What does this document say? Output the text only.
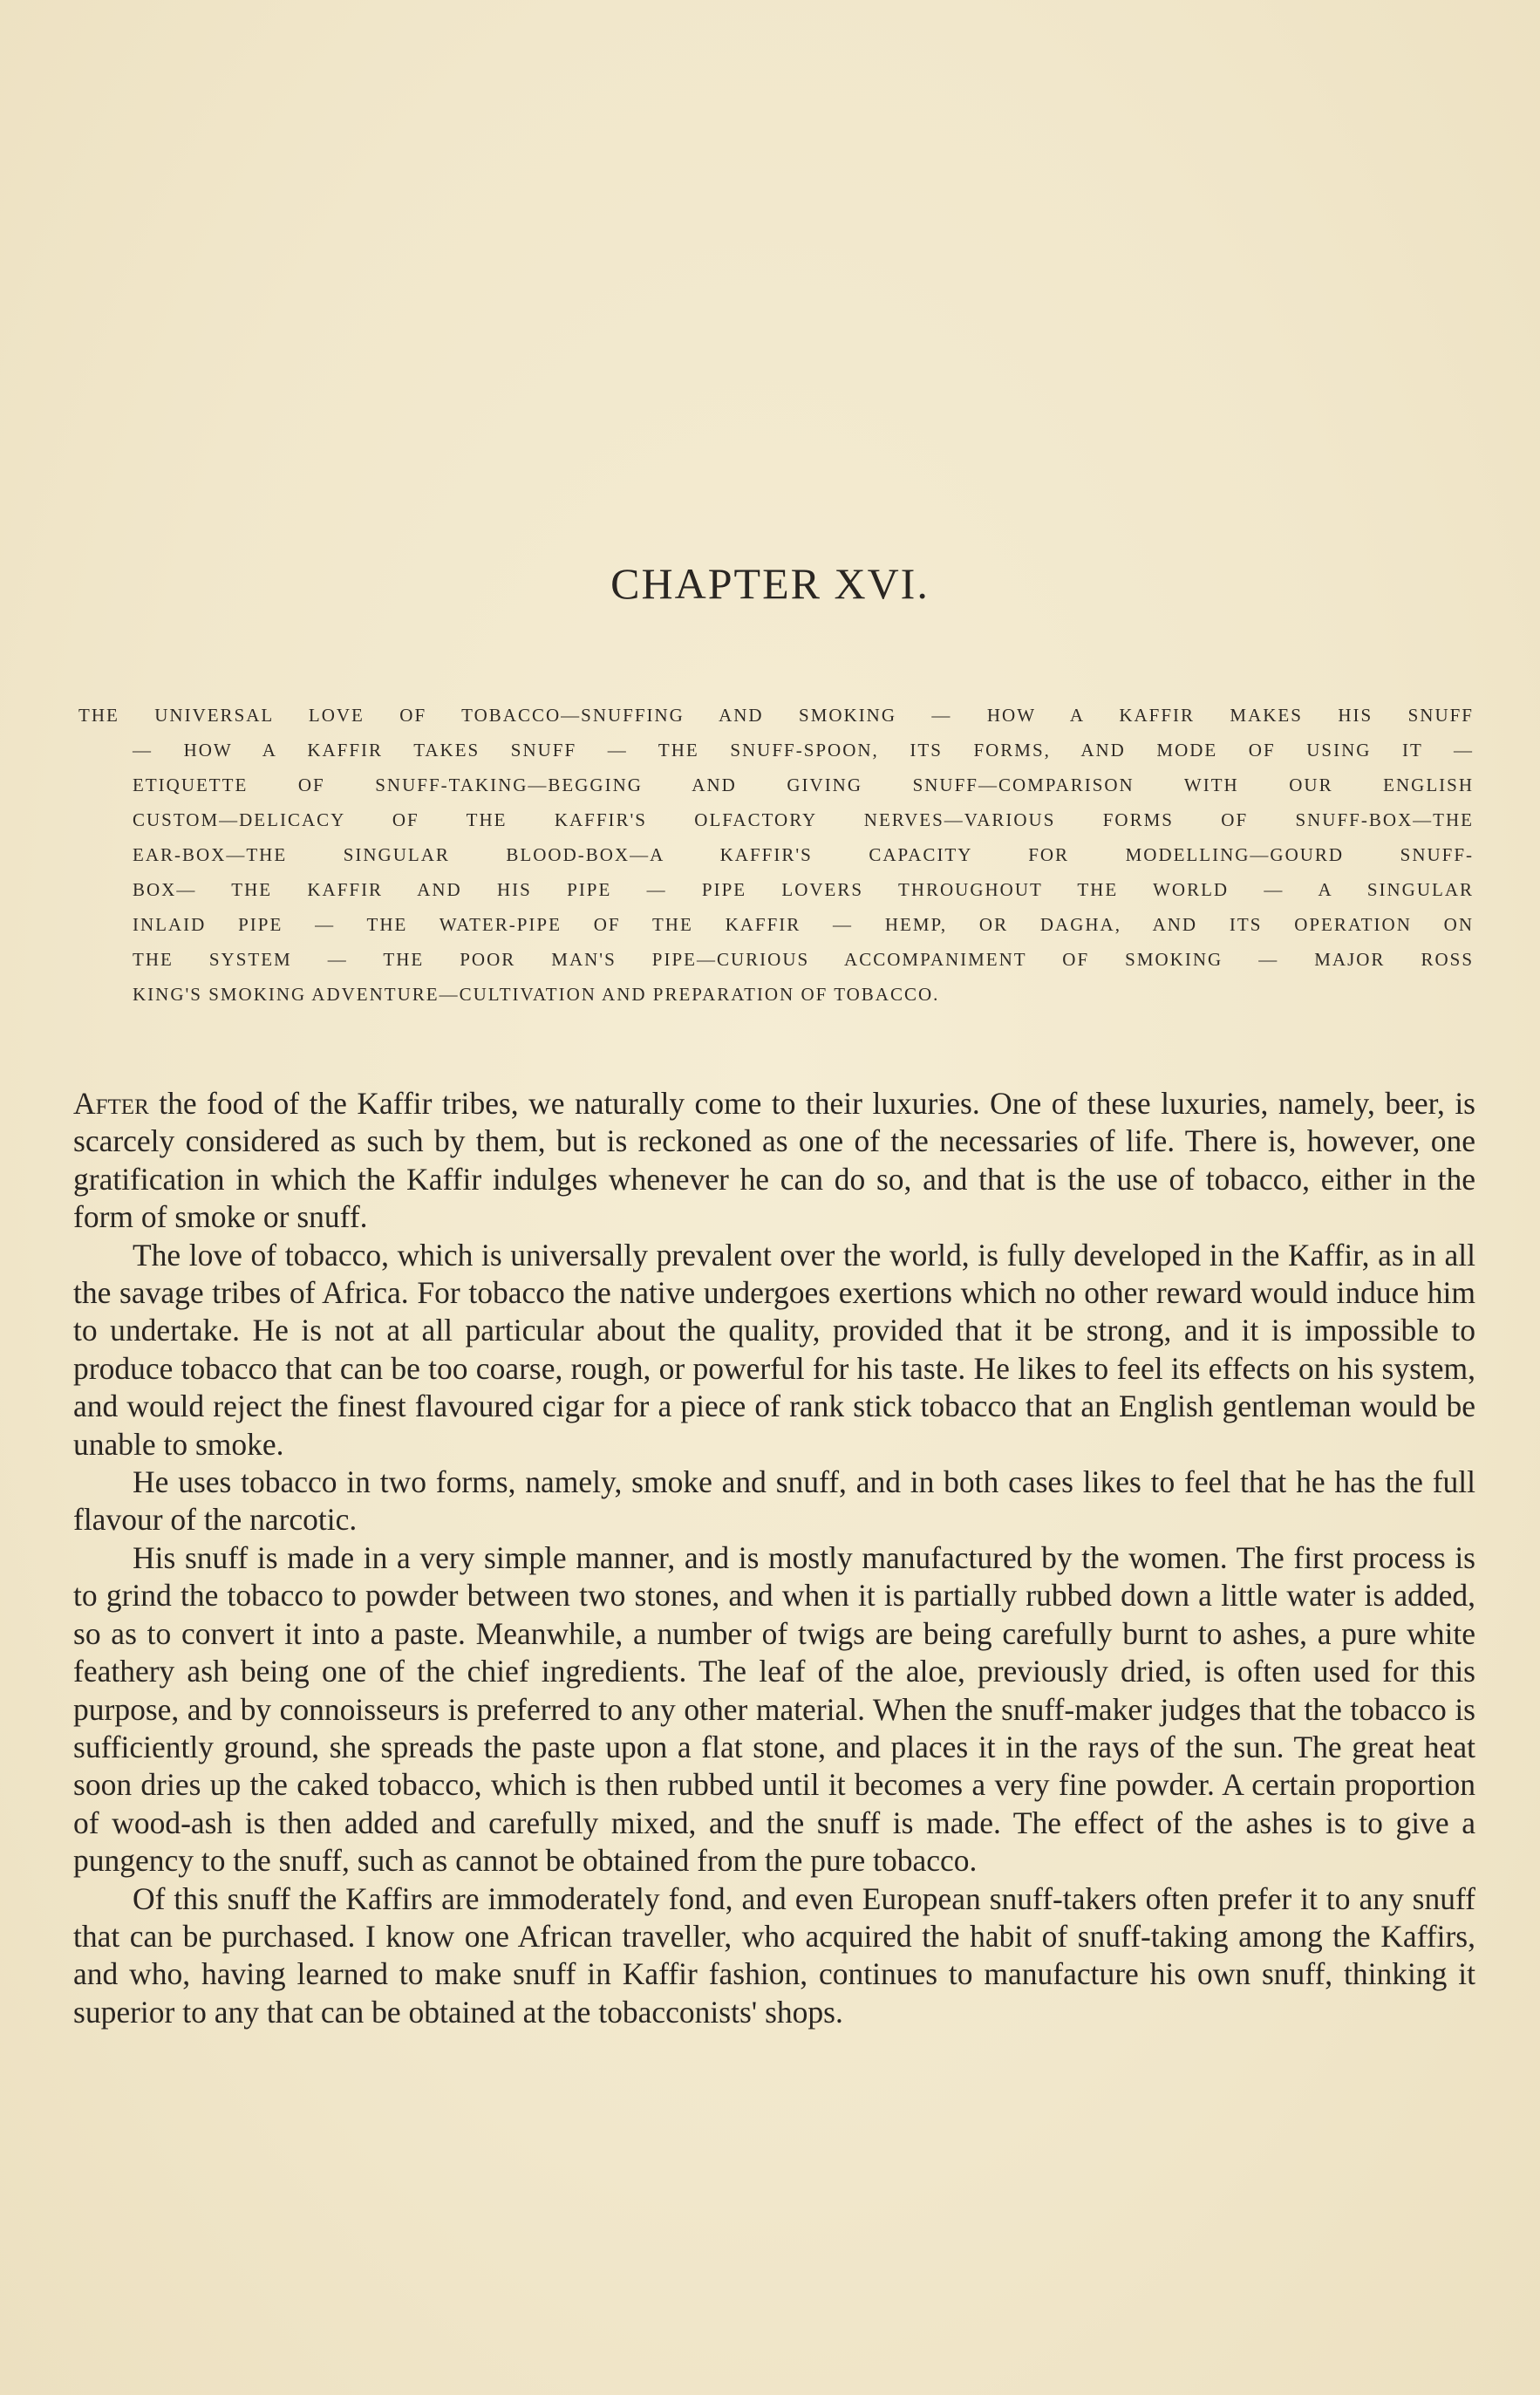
CHAPTER XVI.
THE UNIVERSAL LOVE OF TOBACCO—SNUFFING AND SMOKING — HOW A KAFFIR MAKES HIS SNUFF
— HOW A KAFFIR TAKES SNUFF — THE SNUFF-SPOON, ITS FORMS, AND MODE OF USING IT —
ETIQUETTE OF SNUFF-TAKING—BEGGING AND GIVING SNUFF—COMPARISON WITH OUR ENGLISH
CUSTOM—DELICACY OF THE KAFFIR'S OLFACTORY NERVES—VARIOUS FORMS OF SNUFF-BOX—THE
EAR-BOX—THE SINGULAR BLOOD-BOX—A KAFFIR'S CAPACITY FOR MODELLING—GOURD SNUFF-
BOX— THE KAFFIR AND HIS PIPE — PIPE LOVERS THROUGHOUT THE WORLD — A SINGULAR
INLAID PIPE — THE WATER-PIPE OF THE KAFFIR — HEMP, OR DAGHA, AND ITS OPERATION ON
THE SYSTEM — THE POOR MAN'S PIPE—CURIOUS ACCOMPANIMENT OF SMOKING — MAJOR ROSS
KING'S SMOKING ADVENTURE—CULTIVATION AND PREPARATION OF TOBACCO.

After the food of the Kaffir tribes, we naturally come to their luxuries. One of these luxuries, namely, beer, is scarcely considered as such by them, but is reckoned as one of the necessaries of life. There is, however, one gratification in which the Kaffir indulges whenever he can do so, and that is the use of tobacco, either in the form of smoke or snuff.

The love of tobacco, which is universally prevalent over the world, is fully developed in the Kaffir, as in all the savage tribes of Africa. For tobacco the native undergoes exertions which no other reward would induce him to undertake. He is not at all particular about the quality, provided that it be strong, and it is impossible to produce tobacco that can be too coarse, rough, or powerful for his taste. He likes to feel its effects on his system, and would reject the finest flavoured cigar for a piece of rank stick tobacco that an English gentleman would be unable to smoke.

He uses tobacco in two forms, namely, smoke and snuff, and in both cases likes to feel that he has the full flavour of the narcotic.

His snuff is made in a very simple manner, and is mostly manufactured by the women. The first process is to grind the tobacco to powder between two stones, and when it is partially rubbed down a little water is added, so as to convert it into a paste. Meanwhile, a number of twigs are being carefully burnt to ashes, a pure white feathery ash being one of the chief ingredients. The leaf of the aloe, previously dried, is often used for this purpose, and by connoisseurs is preferred to any other material. When the snuff-maker judges that the tobacco is sufficiently ground, she spreads the paste upon a flat stone, and places it in the rays of the sun. The great heat soon dries up the caked tobacco, which is then rubbed until it becomes a very fine powder. A certain proportion of wood-ash is then added and carefully mixed, and the snuff is made. The effect of the ashes is to give a pungency to the snuff, such as cannot be obtained from the pure tobacco.

Of this snuff the Kaffirs are immoderately fond, and even European snuff-takers often prefer it to any snuff that can be purchased. I know one African traveller, who acquired the habit of snuff-taking among the Kaffirs, and who, having learned to make snuff in Kaffir fashion, continues to manufacture his own snuff, thinking it superior to any that can be obtained at the tobacconists' shops.
